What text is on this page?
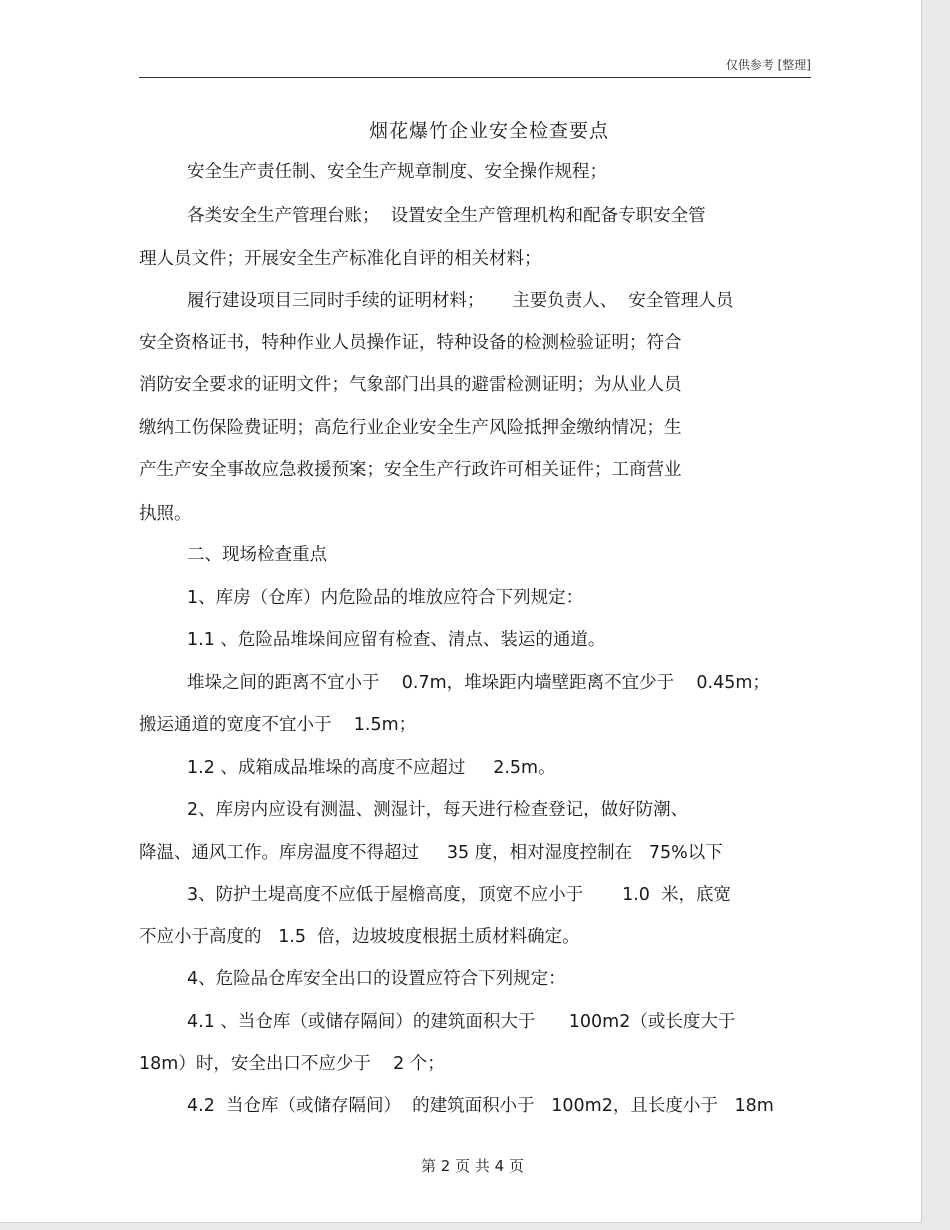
仅供参考 [整理]
烟花爆竹企业安全检查要点
安全生产责任制、安全生产规章制度、安全操作规程；
各类安全生产管理台账；  设置安全生产管理机构和配备专职安全管
理人员文件；开展安全生产标准化自评的相关材料；
履行建设项目三同时手续的证明材料；     主要负责人、  安全管理人员
安全资格证书，特种作业人员操作证，特种设备的检测检验证明；符合
消防安全要求的证明文件；气象部门出具的避雷检测证明；为从业人员
缴纳工伤保险费证明；高危行业企业安全生产风险抵押金缴纳情况；生
产生产安全事故应急救援预案；安全生产行政许可相关证件；工商营业
执照。
二、现场检查重点
1、库房（仓库）内危险品的堆放应符合下列规定：
1.1 、危险品堆垛间应留有检查、清点、装运的通道。
堆垛之间的距离不宜小于    0.7m，堆垛距内墙壁距离不宜少于    0.45m；
搬运通道的宽度不宜小于    1.5m；
1.2 、成箱成品堆垛的高度不应超过     2.5m。
2、库房内应设有测温、测湿计，每天进行检查登记，做好防潮、
降温、通风工作。库房温度不得超过     35 度，相对湿度控制在   75%以下
3、防护土堤高度不应低于屋檐高度，顶宽不应小于       1.0  米，底宽
不应小于高度的   1.5  倍，边坡坡度根据土质材料确定。
4、危险品仓库安全出口的设置应符合下列规定：
4.1 、当仓库（或储存隔间）的建筑面积大于      100m2（或长度大于
18m）时，安全出口不应少于    2 个；
4.2  当仓库（或储存隔间）  的建筑面积小于   100m2，且长度小于   18m
第 2 页 共 4 页
